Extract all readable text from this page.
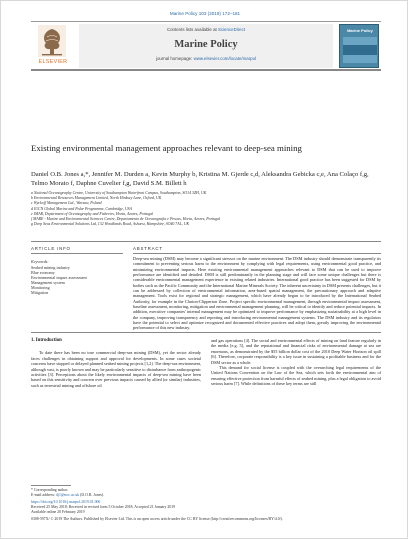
Marine Policy 103 (2019) 172–181
ELSEVIER
Contents lists available at ScienceDirect
Marine Policy
journal homepage: www.elsevier.com/locate/marpol
Marine Policy
Existing environmental management approaches relevant to deep-sea mining
Daniel O.B. Jones a,*, Jennifer M. Durden a, Kevin Murphy b, Kristina M. Gjerde c,d, Aleksandra Gebicka c,e, Ana Colaço f,g, Telmo Morato f, Daphne Cuvelier f,g, David S.M. Billett h
a National Oceanography Centre, University of Southampton Waterfront Campus, Southampton, SO14 3ZH, UK
b Environmental Resources Management Limited, North Hinksey Lane, Oxford, UK
c Wyckoff Management Ltd., Warsaw, Poland
d IUCN Global Marine and Polar Programme, Cambridge, USA
e IMAR, Department of Oceanography and Fisheries, Horta, Azores, Portugal
f MARE - Marine and Environmental Sciences Centre, Departamento de Oceanografia e Pescas, Horta, Azores, Portugal
g Deep Seas Environmental Solutions Ltd, 132 Woodlands Road, Ashurst, Hampshire, SO40 7AL, UK
ARTICLE INFO	ABSTRACT
Keywords:
Seabed mining industry
Blue economy
Environmental impact assessment
Management system
Monitoring
Mitigation
Deep-sea mining (DSM) may become a significant stressor on the marine environment. The DSM industry should demonstrate transparently its commitment to preventing serious harm to the environment by complying with legal requirements, using environmental good practice, and minimizing environmental impacts. Here existing environmental management approaches relevant to DSM that can be used to improve performance are identified and detailed. DSM is still predominantly in the planning stage and will face some unique challenges but there is considerable environmental management experience in existing related industries. International good practice has been suggested for DSM by bodies such as the Pacific Community and the International Marine Minerals Society. The inherent uncertainty in DSM presents challenges, but it can be addressed by collection of environmental information, area-based spatial management, the precautionary approach and adaptive management. Tools exist for regional and strategic management, which have already begun to be introduced by the International Seabed Authority, for example in the Clarion-Clipperton Zone. Project specific environmental management, through environmental impact assessment, baseline assessment, monitoring, mitigation and environmental management planning, will be critical to identify and reduce potential impacts. In addition, executive companies' internal management may be optimized to improve performance by emphasizing sustainability at a high level in the company, improving transparency and reporting and introducing environmental management systems. The DSM industry and its regulators have the potential to select and optimize recognized and documented effective practices and adopt them, greatly improving the environmental performance of this new industry.
1. Introduction

To date there has been no true commercial deep-sea mining (DSM), yet the sector already faces challenges in obtaining support and approval for developments. In some cases societal concerns have stopped or delayed planned seabed mining projects [1,2]. The deep-sea environment, although vast, is poorly known and may be particularly sensitive to disturbance from anthropogenic activities [3]. Perceptions about the likely environmental impacts of deep-sea mining have been based on this sensitivity and concern over previous impacts caused by allied (or similar) industries, such as terrestrial mining and offshore oil

and gas operations [4]. The social and environmental effects of mining on land feature regularly in the media [e.g. 5], and the reputational and financial risks of environmental damage at sea are enormous, as demonstrated by the $55 billion dollar cost of the 2010 Deep Water Horizon oil spill [6]. Therefore, corporate responsibility is a key issue in sustaining a profitable business and for the DSM sector as a whole.

This demand for social license is coupled with the overarching legal requirements of the United Nations Convention on the Law of the Sea, which sets forth the environmental aim of ensuring effective protection from harmful effects of seabed mining, plus a legal obligation to avoid serious harm [7]. While definitions of these key terms are still

* Corresponding author.
E-mail address: dj1@noc.ac.uk (D.O.B. Jones).
https://doi.org/10.1016/j.marpol.2019.01.006
Received 25 May 2018; Received in revised form 5 October 2018; Accepted 21 January 2019
Available online 20 February 2019
0308-597X/ © 2019 The Authors. Published by Elsevier Ltd. This is an open access article under the CC BY license (http://creativecommons.org/licenses/BY/4.0/).
